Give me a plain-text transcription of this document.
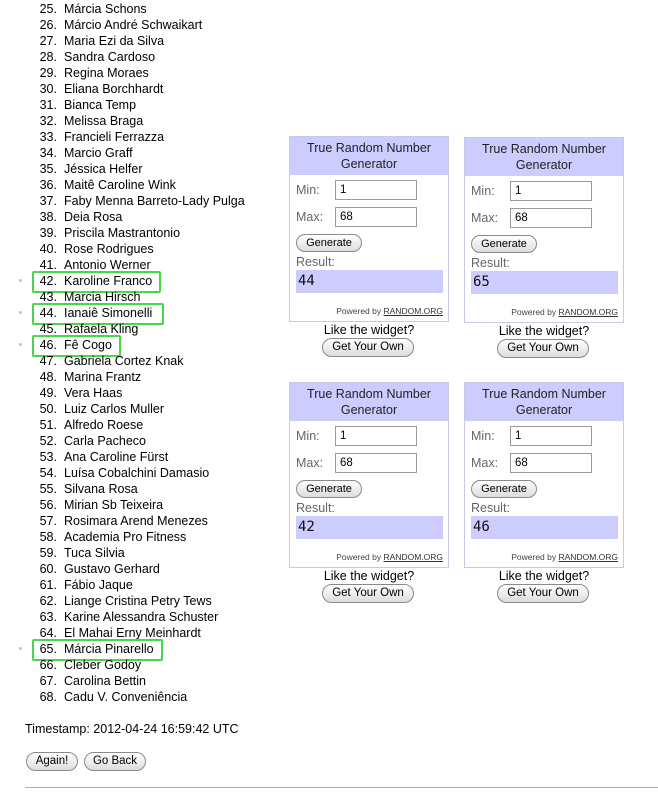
25. Márcia Schons
26. Márcio André Schwaikart
27. Maria Ezi da Silva
28. Sandra Cardoso
29. Regina Moraes
30. Eliana Borchhardt
31. Bianca Temp
32. Melissa Braga
33. Francieli Ferrazza
34. Marcio Graff
35. Jéssica Helfer
36. Maitê Caroline Wink
37. Faby Menna Barreto-Lady Pulga
38. Deia Rosa
39. Priscila Mastrantonio
40. Rose Rodrigues
41. Antonio Werner
42. Karoline Franco
43. Marcia Hirsch
44. Ianaiê Simonelli
45. Rafaela Kling
46. Fê Cogo
47. Gabriela Cortez Knak
48. Marina Frantz
49. Vera Haas
50. Luiz Carlos Muller
51. Alfredo Roese
52. Carla Pacheco
53. Ana Caroline Fürst
54. Luísa Cobalchini Damasio
55. Silvana Rosa
56. Mirian Sb Teixeira
57. Rosimara Arend Menezes
58. Academia Pro Fitness
59. Tuca Silvia
60. Gustavo Gerhard
61. Fábio Jaque
62. Liange Cristina Petry Tews
63. Karine Alessandra Schuster
64. El Mahai Erny Meinhardt
65. Márcia Pinarello
66. Cleber Godoy
67. Carolina Bettin
68. Cadu V. Conveniência
Timestamp: 2012-04-24 16:59:42 UTC
Again!	Go Back
True Random Number
Generator
Min:
1
Max:
68
Generate
Result:
44
Powered by RANDOM.ORG
Like the widget?
Get Your Own
True Random Number
Generator
Min:
1
Max:
68
Generate
Result:
65
Powered by RANDOM.ORG
Like the widget?
Get Your Own
True Random Number
Generator
Min:
1
Max:
68
Generate
Result:
42
Powered by RANDOM.ORG
Like the widget?
Get Your Own
True Random Number
Generator
Min:
1
Max:
68
Generate
Result:
46
Powered by RANDOM.ORG
Like the widget?
Get Your Own
